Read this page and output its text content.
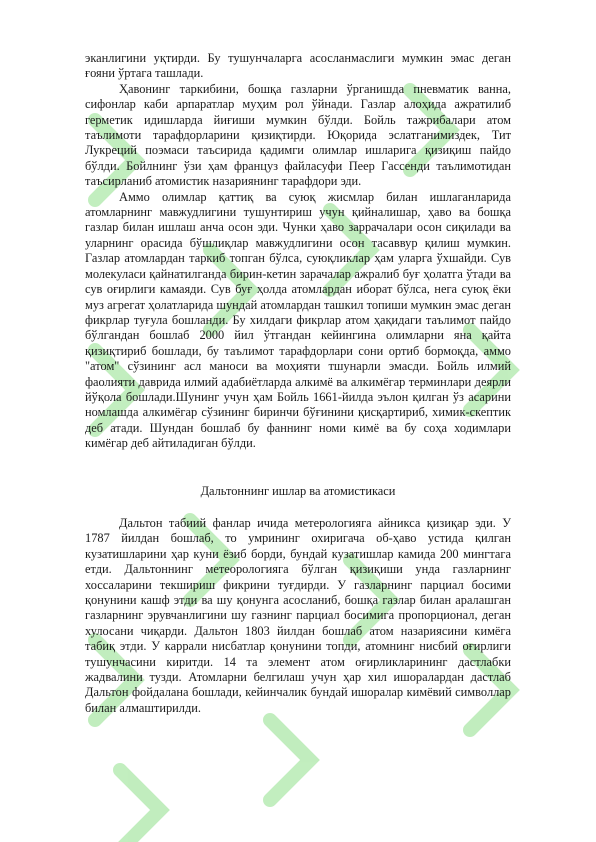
эканлигини уқтирди. Бу тушунчаларга асосланмаслиги мумкин эмас деган ғояни ўртага ташлади.

Ҳавонинг таркибини, бошқа газларни ўрганишда пневматик ванна, сифонлар каби арпаратлар муҳим рол ўйнади. Газлар алоҳида ажратилиб герметик идишларда йиғиши мумкин бўлди. Бойль тажрибалари атом таълимоти тарафдорларини қизиқтирди. Юқорида эслатганимиздек, Тит Лукреций поэмаси таъсирида қадимги олимлар ишларига қизиқиш пайдо бўлди. Бойлнинг ўзи ҳам француз файласуфи Пеер Гассенди таълимотидан таъсирланиб атомистик назариянинг тарафдори эди.

Аммо олимлар қаттиқ ва суюқ жисмлар билан ишлаганларида атомларнинг мавжудлигини тушунтириш учун қийналишар, ҳаво ва бошқа газлар билан ишлаш анча осон эди. Чунки ҳаво заррачалари осон сиқилади ва уларнинг орасида бўшлиқлар мавжудлигини осон тасаввур қилиш мумкин. Газлар атомлардан таркиб топган бўлса, суюқликлар ҳам уларга ўхшайди. Сув молекуласи қайнатилганда бирин-кетин зарачалар ажралиб буғ ҳолатга ўтади ва сув оғирлиги камаяди. Сув буғ ҳолда атомлардан иборат бўлса, нега суюқ ёки муз агрегат ҳолатларида шундай атомлардан ташкил топиши мумкин эмас деган фикрлар туғула бошланди. Бу хилдаги фикрлар атом ҳақидаги таълимот пайдо бўлгандан бошлаб 2000 йил ўтгандан кейингина олимларни яна қайта қизиқтириб бошлади, бу таълимот тарафдорлари сони ортиб бормоқда, аммо "атом" сўзининг асл маноси ва моҳияти тшунарли эмасди. Бойль илмий фаолияти даврида илмий адабиётларда алкимё ва алкимёгар терминлари деярли йўқола бошлади.Шунинг учун ҳам Бойль 1661-йилда эълон қилган ўз асарини номлашда алкимёгар сўзининг биринчи бўғинини қисқартириб, химик-скептик деб атади. Шундан бошлаб бу фаннинг номи кимё ва бу соҳа ходимлари кимёгар деб айтиладиган бўлди.

Дальтоннинг ишлар ва атомистикаси

Дальтон табиий фанлар ичида метерологияга айникса қизиқар эди. У 1787 йилдан бошлаб, то умрининг охиригача об-ҳаво устида қилган кузатишларини ҳар куни ёзиб борди, бундай кузатишлар камида 200 мингтага етди. Дальтоннинг метеорологияга бўлган қизиқиши унда газларнинг хоссаларини текшириш фикрини туғдирди. У газларнинг парциал босими қонунини кашф этди ва шу қонунга асосланиб, бошқа газлар билан аралашган газларнинг эрувчанлигини шу газнинг парциал босимига пропорционал, деган хулосани чиқарди. Дальтон 1803 йилдан бошлаб атом назариясини кимёга табиқ этди. У каррали нисбатлар қонунини топди, атомнинг нисбий оғирлиги тушунчасини киритди. 14 та элемент атом оғирликларининг дастлабки жадвалини тузди. Атомларни белгилаш учун ҳар хил ишоралардан дастлаб Дальтон фойдалана бошлади, кейинчалик бундай ишоралар кимёвий символлар билан алмаштирилди.
